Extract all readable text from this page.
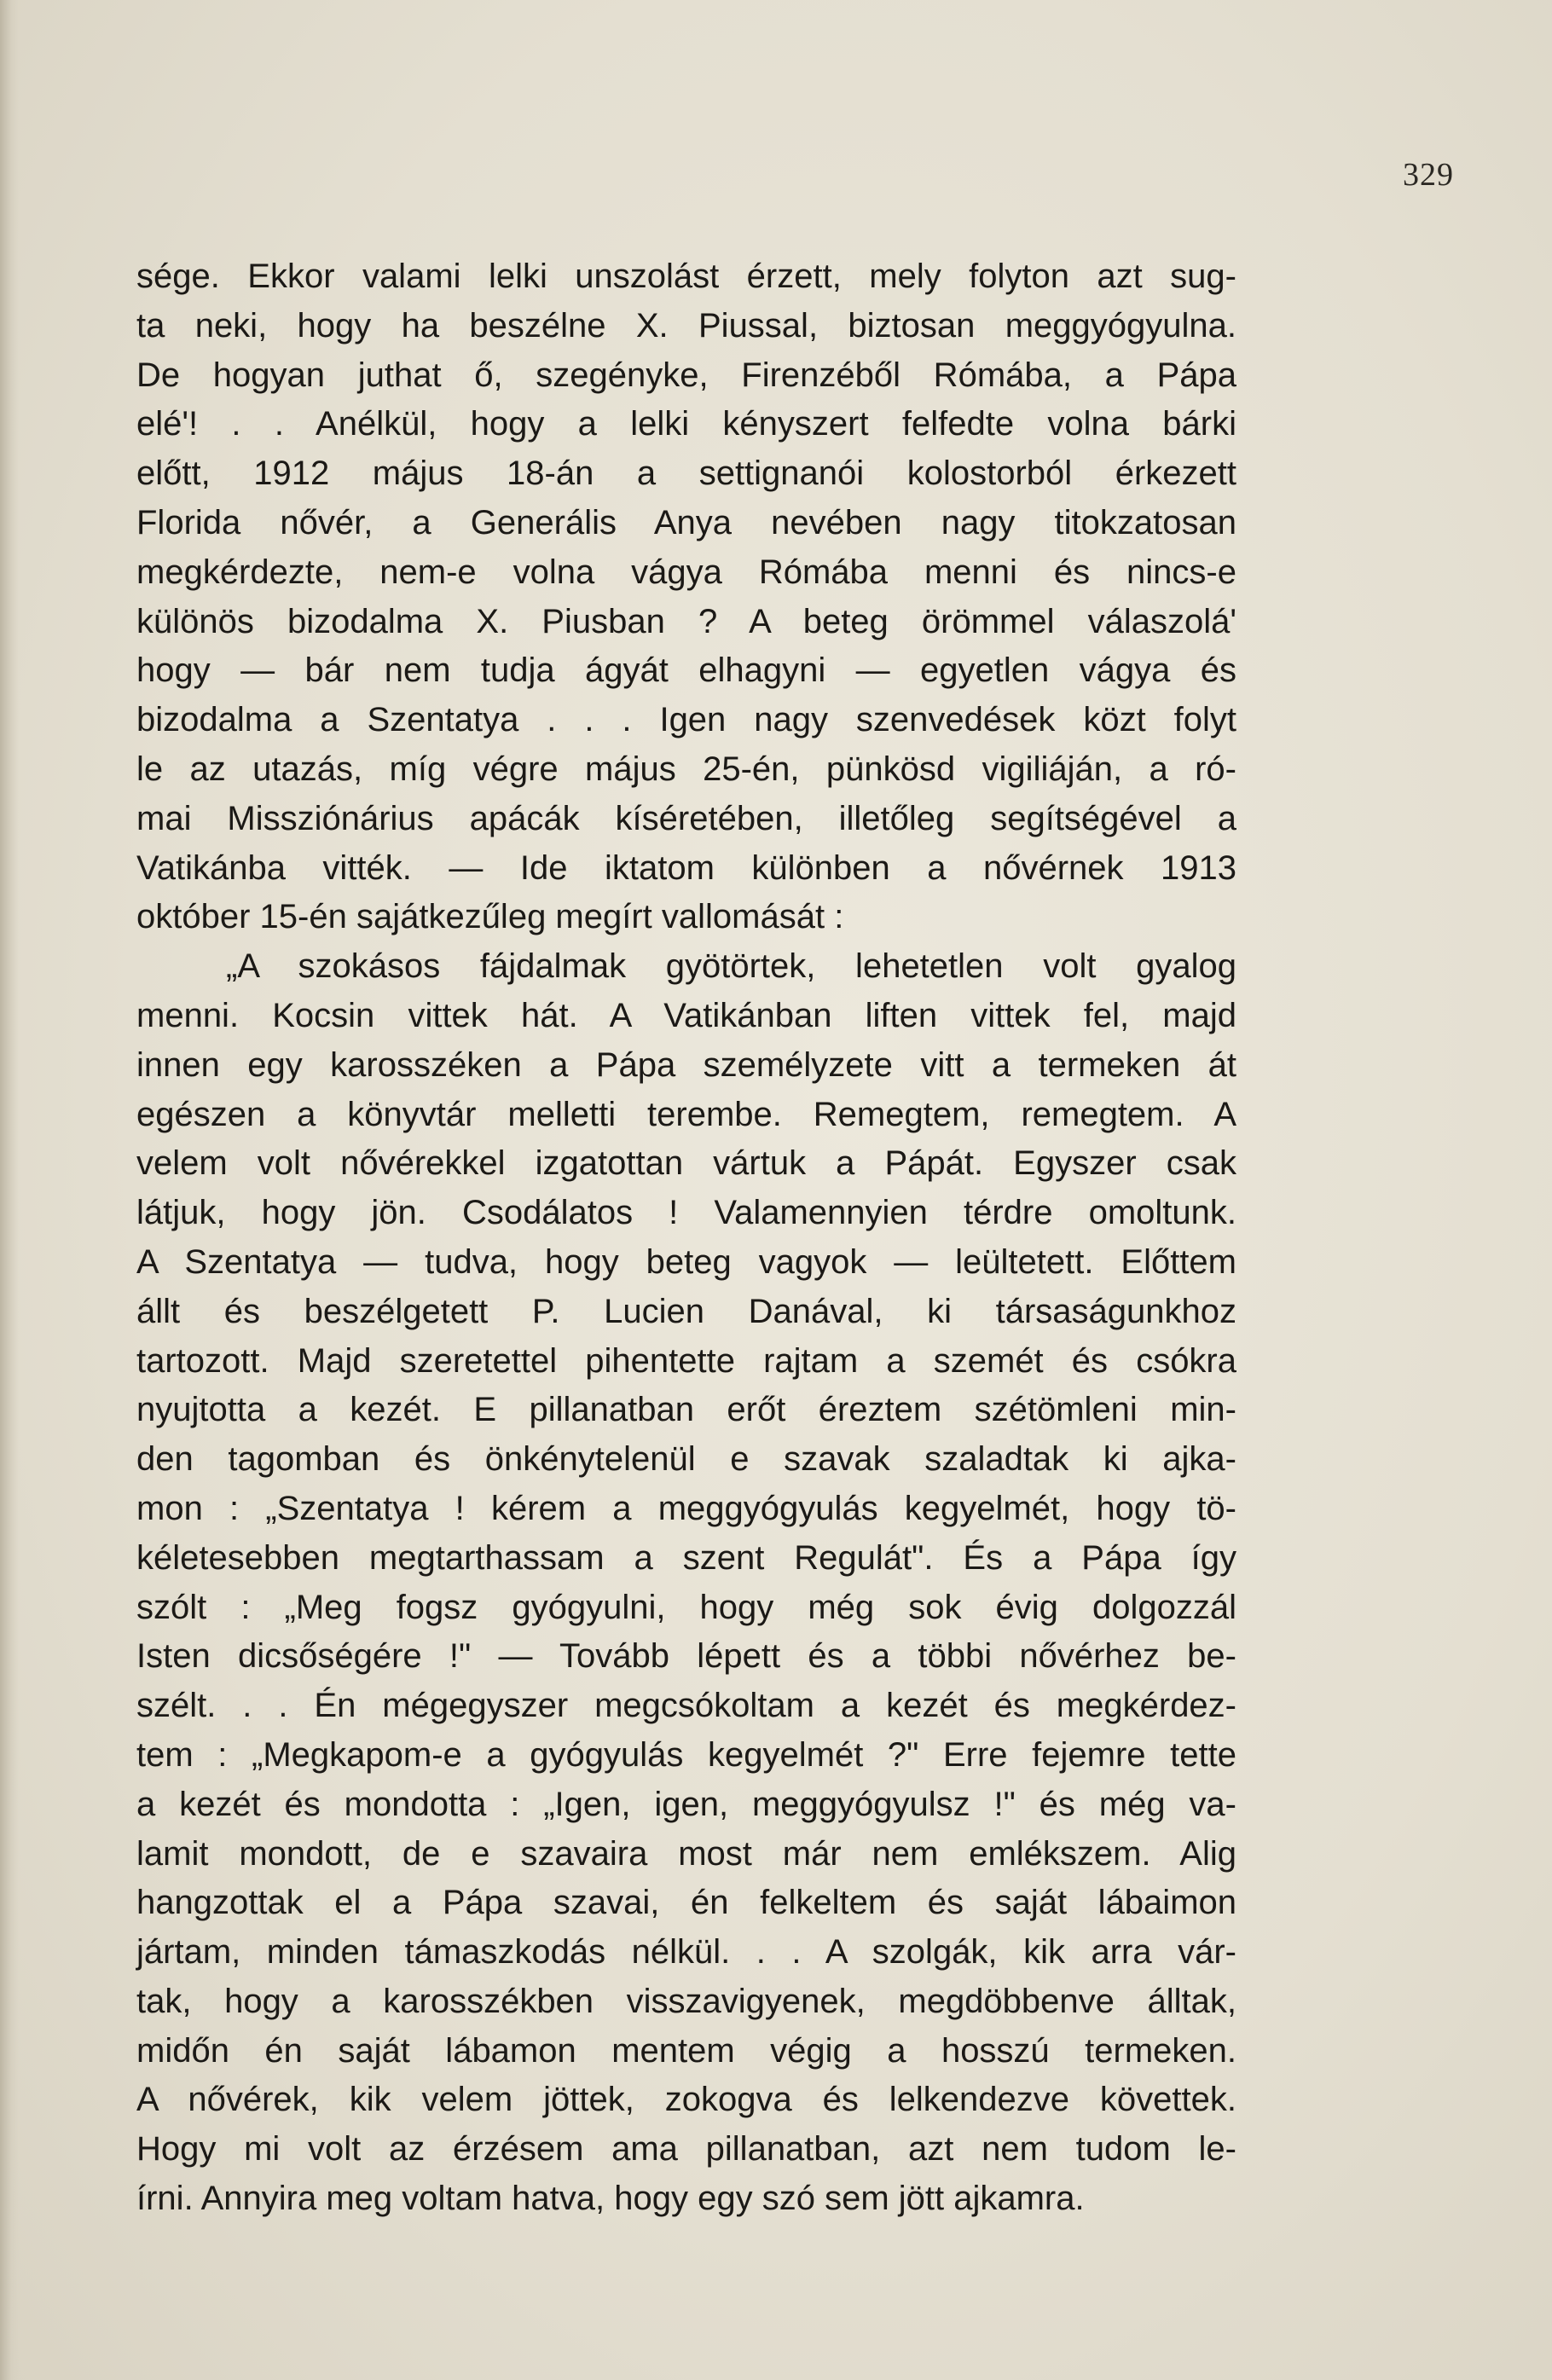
329
sége. Ekkor valami lelki unszolást érzett, mely folyton azt sug-
ta neki, hogy ha beszélne X. Piussal, biztosan meggyógyulna.
De hogyan juthat ő, szegényke, Firenzéből Rómába, a Pápa
elé'! . . Anélkül, hogy a lelki kényszert felfedte volna bárki
előtt, 1912 május 18-án a settignanói kolostorból érkezett
Florida nővér, a Generális Anya nevében nagy titokzatosan
megkérdezte, nem-e volna vágya Rómába menni és nincs-e
különös bizodalma X. Piusban ? A beteg örömmel válaszolá'
hogy — bár nem tudja ágyát elhagyni — egyetlen vágya és
bizodalma a Szentatya . . . Igen nagy szenvedések közt folyt
le az utazás, míg végre május 25-én, pünkösd vigiliáján, a ró-
mai Missziónárius apácák kíséretében, illetőleg segítségével a
Vatikánba vitték. — Ide iktatom különben a nővérnek 1913
október 15-én sajátkezűleg megírt vallomását :
„A szokásos fájdalmak gyötörtek, lehetetlen volt gyalog
menni. Kocsin vittek hát. A Vatikánban liften vittek fel, majd
innen egy karosszéken a Pápa személyzete vitt a termeken át
egészen a könyvtár melletti terembe. Remegtem, remegtem. A
velem volt nővérekkel izgatottan vártuk a Pápát. Egyszer csak
látjuk, hogy jön. Csodálatos ! Valamennyien térdre omoltunk.
A Szentatya — tudva, hogy beteg vagyok — leültetett. Előttem
állt és beszélgetett P. Lucien Danával, ki társaságunkhoz
tartozott. Majd szeretettel pihentette rajtam a szemét és csókra
nyujtotta a kezét. E pillanatban erőt éreztem szétömleni min-
den tagomban és önkénytelenül e szavak szaladtak ki ajka-
mon : „Szentatya ! kérem a meggyógyulás kegyelmét, hogy tö-
kéletesebben megtarthassam a szent Regulát". És a Pápa így
szólt : „Meg fogsz gyógyulni, hogy még sok évig dolgozzál
Isten dicsőségére !" — Tovább lépett és a többi nővérhez be-
szélt. . . Én mégegyszer megcsókoltam a kezét és megkérdez-
tem : „Megkapom-e a gyógyulás kegyelmét ?" Erre fejemre tette
a kezét és mondotta : „Igen, igen, meggyógyulsz !" és még va-
lamit mondott, de e szavaira most már nem emlékszem. Alig
hangzottak el a Pápa szavai, én felkeltem és saját lábaimon
jártam, minden támaszkodás nélkül. . . A szolgák, kik arra vár-
tak, hogy a karosszékben visszavigyenek, megdöbbenve álltak,
midőn én saját lábamon mentem végig a hosszú termeken.
A nővérek, kik velem jöttek, zokogva és lelkendezve követtek.
Hogy mi volt az érzésem ama pillanatban, azt nem tudom le-
írni. Annyira meg voltam hatva, hogy egy szó sem jött ajkamra.
